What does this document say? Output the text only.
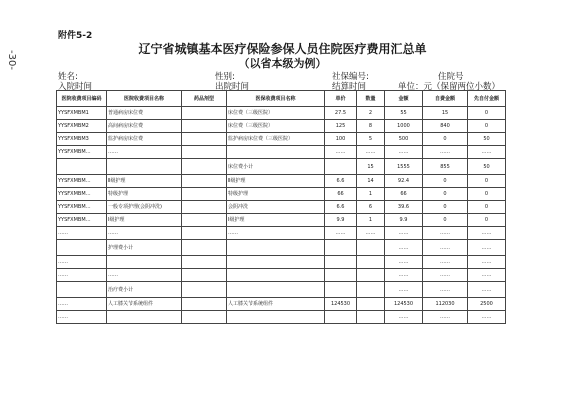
-30-
附件5-2
辽宁省城镇基本医疗保险参保人员住院医疗费用汇总单
（以省本级为例）
姓名:	性别:	社保编号:	住院号
入院时间	出院时间	结算时间	单位：元（保留两位小数）
医院收费项目编码	医院收费项目名称	药品剂型	医保收费项目名称	单价	数量	金额	自费金额	先自付金额
YYSFXMBM1	普通病房床位费		床位费（三级医院）	27.5	2	55	15	0
YYSFXMBM2	高间病房床位费		床位费（三级医院）	125	8	1000	840	0
YYSFXMBM3	监护病房床位费		监护病房床位费（三级医院）	100	5	500	0	50
YYSFXMBM…	……			……	……	……	……	……
			床位费小计		15	1555	855	50
YYSFXMBM…	Ⅱ级护理		Ⅱ级护理	6.6	14	92.4	0	0
YYSFXMBM…	特级护理		特级护理	66	1	66	0	0
YYSFXMBM…	一般专项护理(会阴冲洗)		会阴冲洗	6.6	6	39.6	0	0
YYSFXMBM…	Ⅰ级护理		Ⅰ级护理	9.9	1	9.9	0	0
……	……		……	……	……	……	……	……
	护理费小计					……	……	……
……						……	……	……
……	……					……	……	……
	治疗费小计					……	……	……
……	人工膝关节系统组件		人工膝关节系统组件	124530		124530	112030	2500
……						……	……	……
